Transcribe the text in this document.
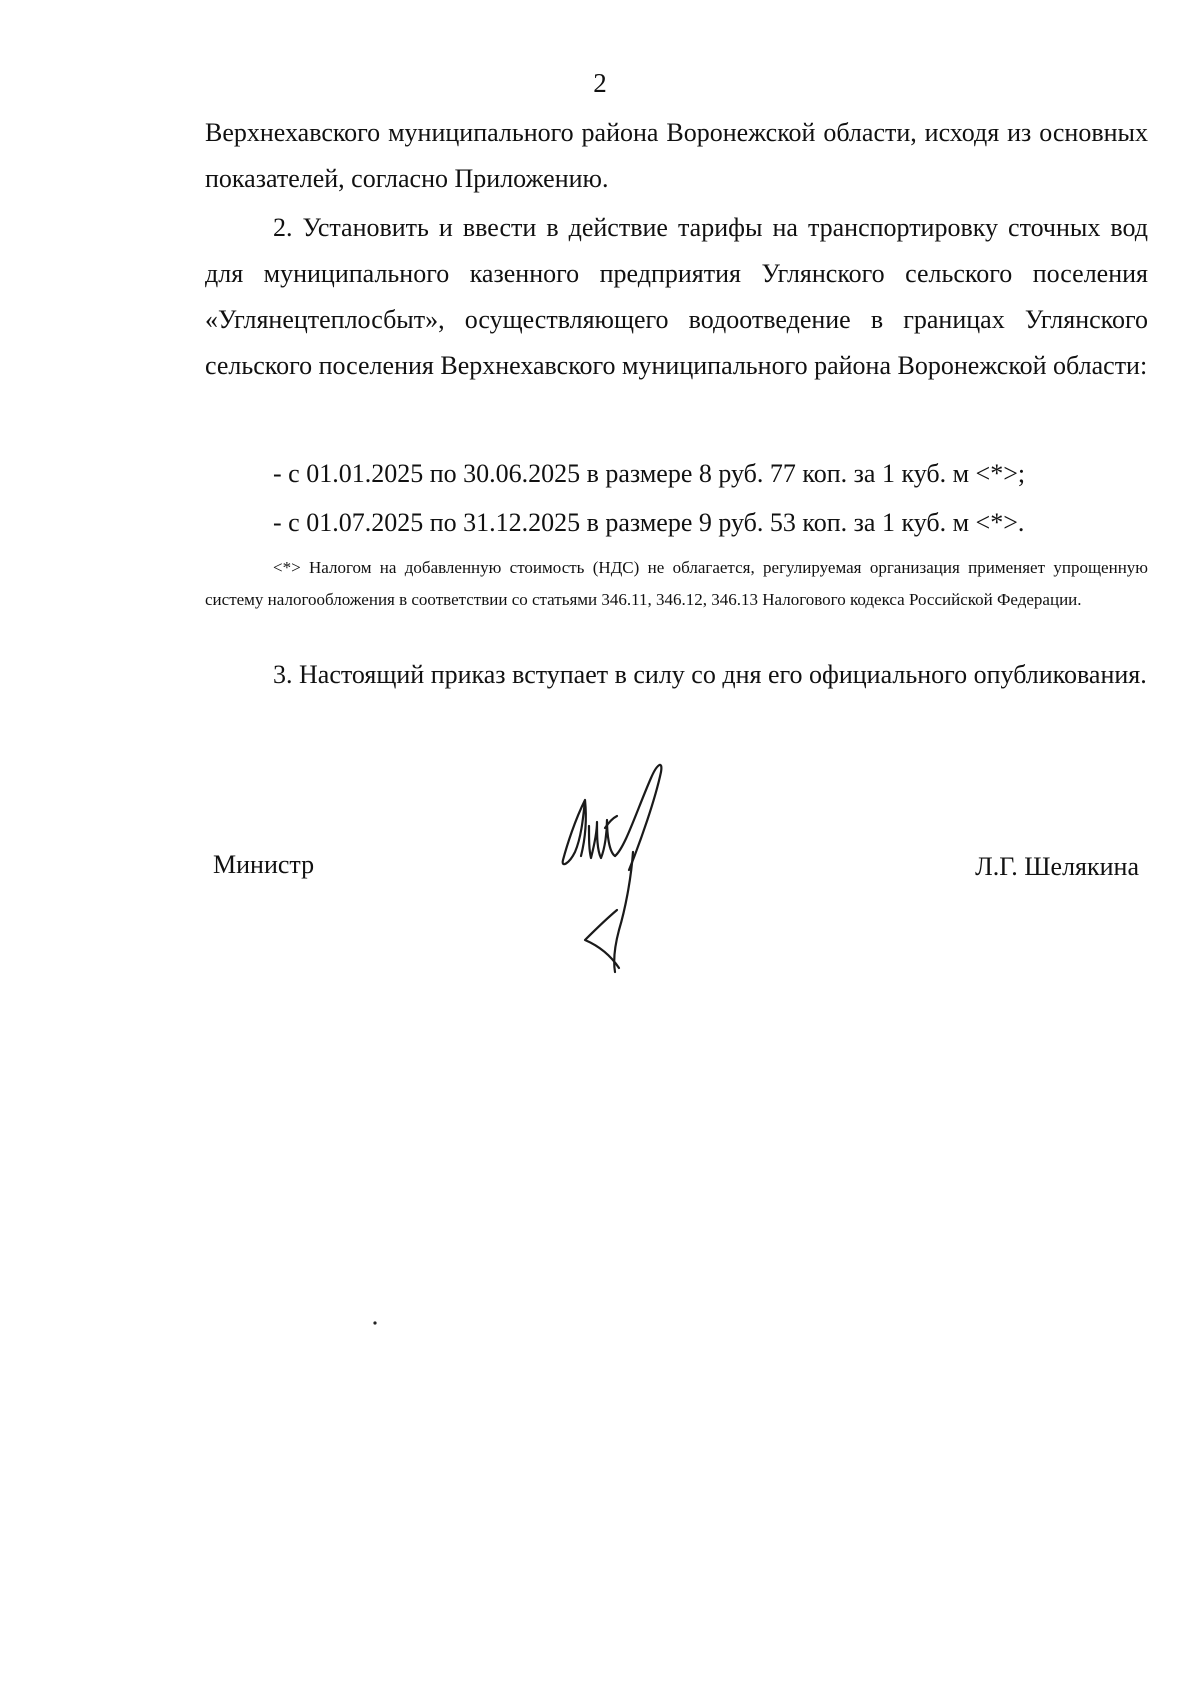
2
Верхнехавского муниципального района Воронежской области, исходя из основных показателей, согласно Приложению.
2. Установить и ввести в действие тарифы на транспортировку сточных вод для муниципального казенного предприятия Углянского сельского поселения «Углянецтеплосбыт», осуществляющего водоотведение в границах Углянского сельского поселения Верхнехавского муниципального района Воронежской области:
- с 01.01.2025 по 30.06.2025 в размере 8 руб. 77 коп. за 1 куб. м <*>;
- с 01.07.2025 по 31.12.2025 в размере 9 руб. 53 коп. за 1 куб. м <*>.
<*> Налогом на добавленную стоимость (НДС) не облагается, регулируемая организация применяет упрощенную систему налогообложения в соответствии со статьями 346.11, 346.12, 346.13 Налогового кодекса Российской Федерации.
3. Настоящий приказ вступает в силу со дня его официального опубликования.
Министр	Л.Г. Шелякина
